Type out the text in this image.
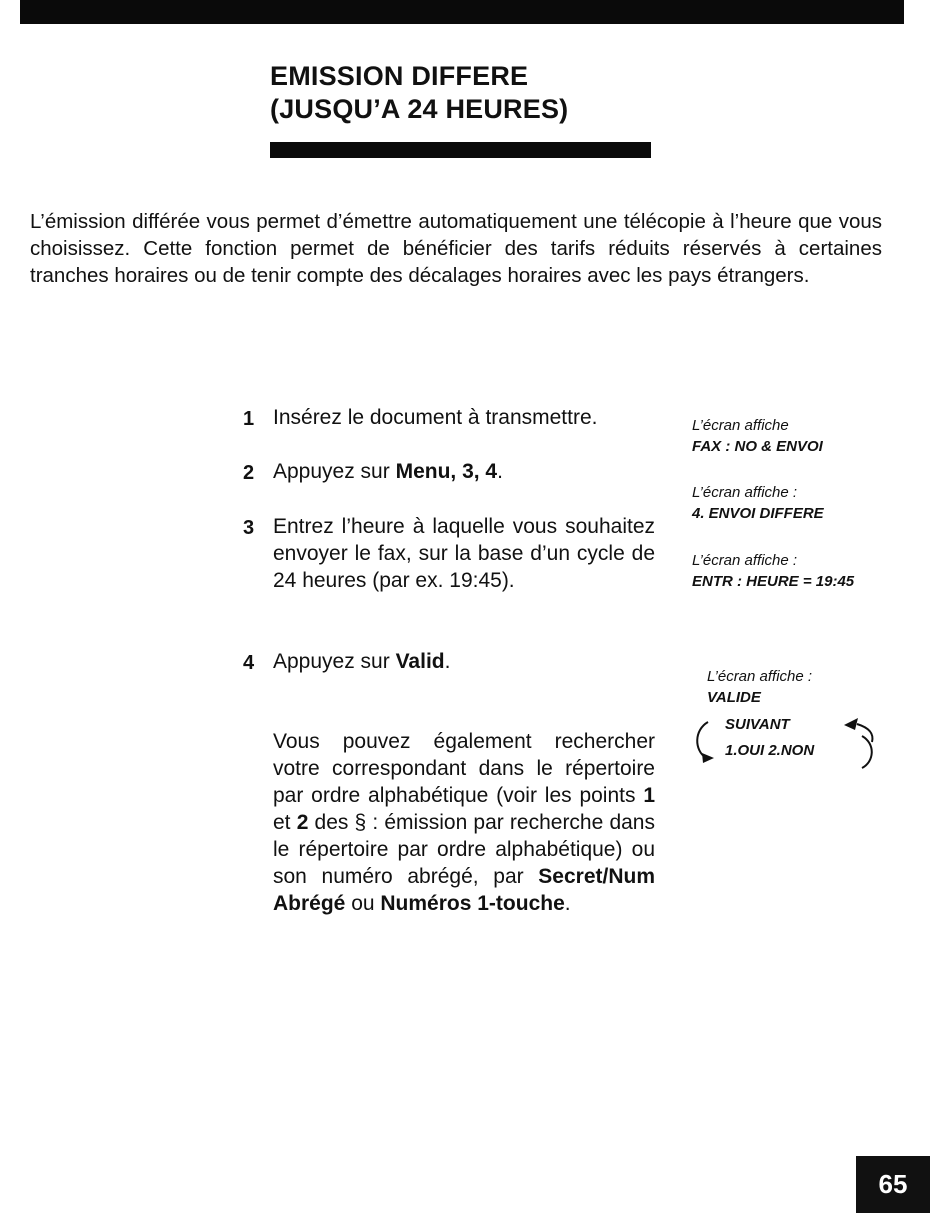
EMISSION DIFFERE
(JUSQU’A 24 HEURES)

L’émission différée vous permet d’émettre automatiquement une télécopie à l’heure que vous choisissez. Cette fonction permet de bénéficier des tarifs réduits réservés à certaines tranches horaires ou de tenir compte des décalages horaires avec les pays étrangers.

1 Insérez le document à transmettre.
2 Appuyez sur Menu, 3, 4.
3 Entrez l’heure à laquelle vous souhaitez envoyer le fax, sur la base d’un cycle de 24 heures (par ex. 19:45).
4 Appuyez sur Valid.

Vous pouvez également rechercher votre correspondant dans le répertoire par ordre alphabétique (voir les points 1 et 2 des § : émission par recherche dans le répertoire par ordre alphabétique) ou son numéro abrégé, par Secret/Num Abrégé ou Numéros 1-touche.

L’écran affiche
FAX : NO & ENVOI
L’écran affiche :
4. ENVOI DIFFERE
L’écran affiche :
ENTR : HEURE = 19:45
L’écran affiche :
VALIDE
SUIVANT
1.OUI 2.NON
65
